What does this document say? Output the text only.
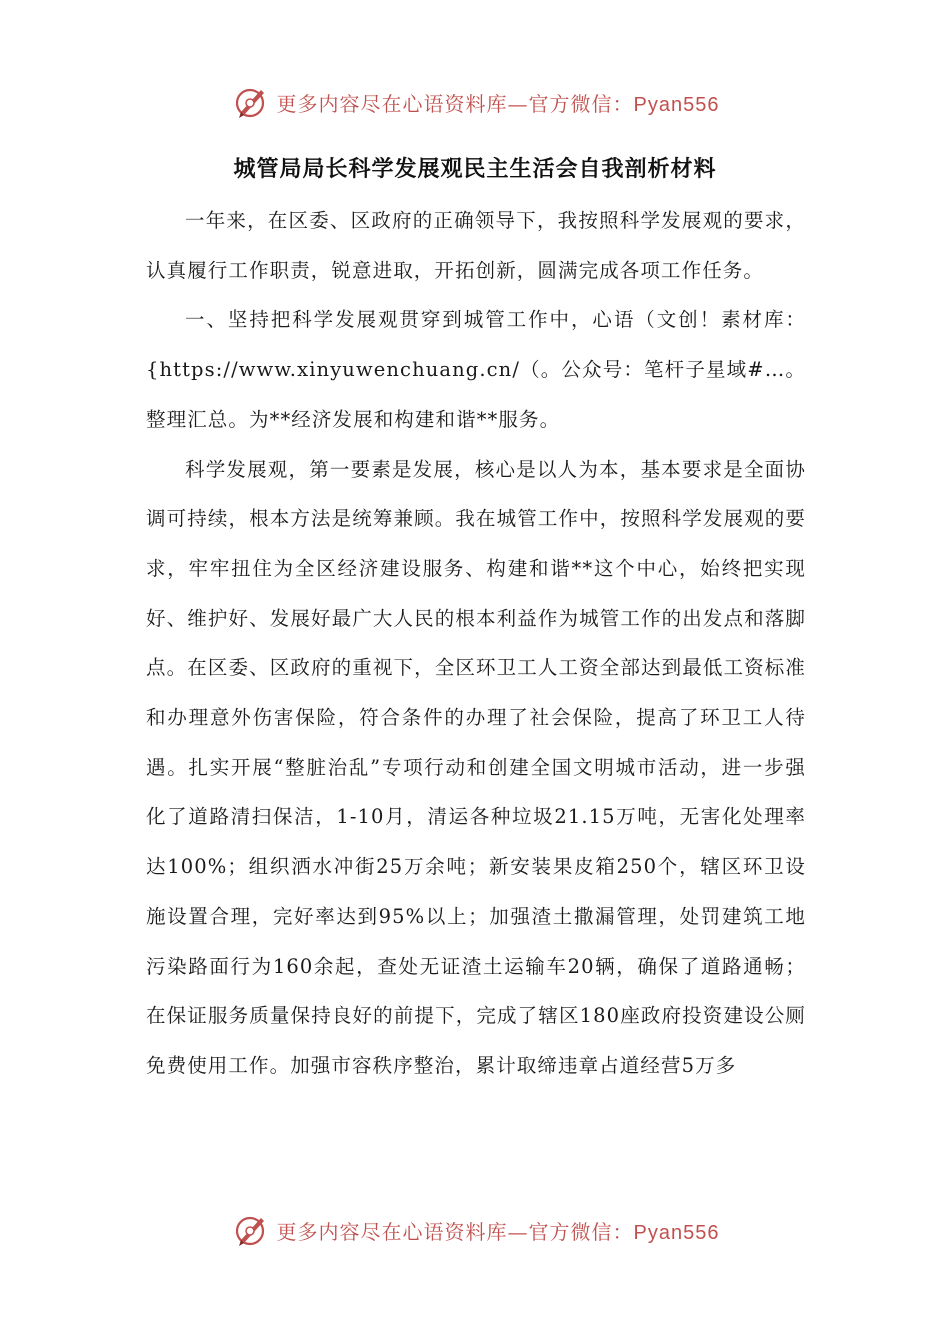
更多内容尽在心语资料库—官方微信：Pyan556
城管局局长科学发展观民主生活会自我剖析材料

一年来，在区委、区政府的正确领导下，我按照科学发展观的要求，认真履行工作职责，锐意进取，开拓创新，圆满完成各项工作任务。

一、坚持把科学发展观贯穿到城管工作中，心语（文创！素材库：{https://www.xinyuwenchuang.cn/（。公众号：笔杆子星域#…。整理汇总。为**经济发展和构建和谐**服务。

科学发展观，第一要素是发展，核心是以人为本，基本要求是全面协调可持续，根本方法是统筹兼顾。我在城管工作中，按照科学发展观的要求，牢牢扭住为全区经济建设服务、构建和谐**这个中心，始终把实现好、维护好、发展好最广大人民的根本利益作为城管工作的出发点和落脚点。在区委、区政府的重视下，全区环卫工人工资全部达到最低工资标准和办理意外伤害保险，符合条件的办理了社会保险，提高了环卫工人待遇。扎实开展“整脏治乱”专项行动和创建全国文明城市活动，进一步强化了道路清扫保洁，1-10月，清运各种垃圾21.15万吨，无害化处理率达100%；组织洒水冲街25万余吨；新安装果皮箱250个，辖区环卫设施设置合理，完好率达到95%以上；加强渣土撒漏管理，处罚建筑工地污染路面行为160余起，查处无证渣土运输车20辆，确保了道路通畅；在保证服务质量保持良好的前提下，完成了辖区180座政府投资建设公厕免费使用工作。加强市容秩序整治，累计取缔违章占道经营5万多

更多内容尽在心语资料库—官方微信：Pyan556
